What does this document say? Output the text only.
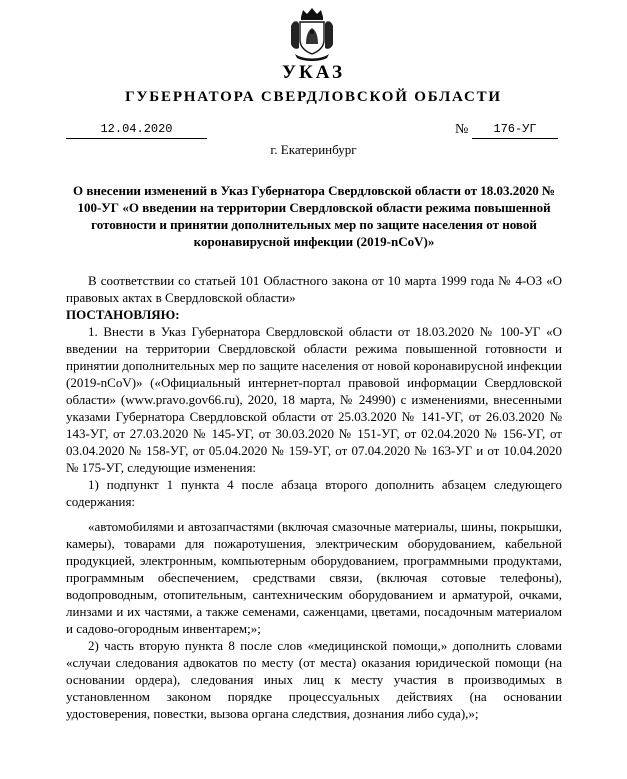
УКАЗ
ГУБЕРНАТОРА СВЕРДЛОВСКОЙ ОБЛАСТИ
12.04.2020	№	176-УГ
г. Екатеринбург
О внесении изменений в Указ Губернатора Свердловской области от 18.03.2020 № 100-УГ «О введении на территории Свердловской области режима повышенной готовности и принятии дополнительных мер по защите населения от новой коронавирусной инфекции (2019-nCoV)»

В соответствии со статьей 101 Областного закона от 10 марта 1999 года № 4-ОЗ «О правовых актах в Свердловской области»

ПОСТАНОВЛЯЮ:

1. Внести в Указ Губернатора Свердловской области от 18.03.2020 № 100-УГ «О введении на территории Свердловской области режима повышенной готовности и принятии дополнительных мер по защите населения от новой коронавирусной инфекции (2019-nCoV)» («Официальный интернет-портал правовой информации Свердловской области» (www.pravo.gov66.ru), 2020, 18 марта, № 24990) с изменениями, внесенными указами Губернатора Свердловской области от 25.03.2020 № 141-УГ, от 26.03.2020 № 143-УГ, от 27.03.2020 № 145-УГ, от 30.03.2020 № 151-УГ, от 02.04.2020 № 156-УГ, от 03.04.2020 № 158-УГ, от 05.04.2020 № 159-УГ, от 07.04.2020 № 163-УГ и от 10.04.2020 № 175-УГ, следующие изменения:

1) подпункт 1 пункта 4 после абзаца второго дополнить абзацем следующего содержания:

«автомобилями и автозапчастями (включая смазочные материалы, шины, покрышки, камеры), товарами для пожаротушения, электрическим оборудованием, кабельной продукцией, электронным, компьютерным оборудованием, программными продуктами, программным обеспечением, средствами связи, (включая сотовые телефоны), водопроводным, отопительным, сантехническим оборудованием и арматурой, очками, линзами и их частями, а также семенами, саженцами, цветами, посадочным материалом и садово-огородным инвентарем;»;

2) часть вторую пункта 8 после слов «медицинской помощи,» дополнить словами «случаи следования адвокатов по месту (от места) оказания юридической помощи (на основании ордера), следования иных лиц к месту участия в производимых в установленном законом порядке процессуальных действиях (на основании удостоверения, повестки, вызова органа следствия, дознания либо суда),»;
